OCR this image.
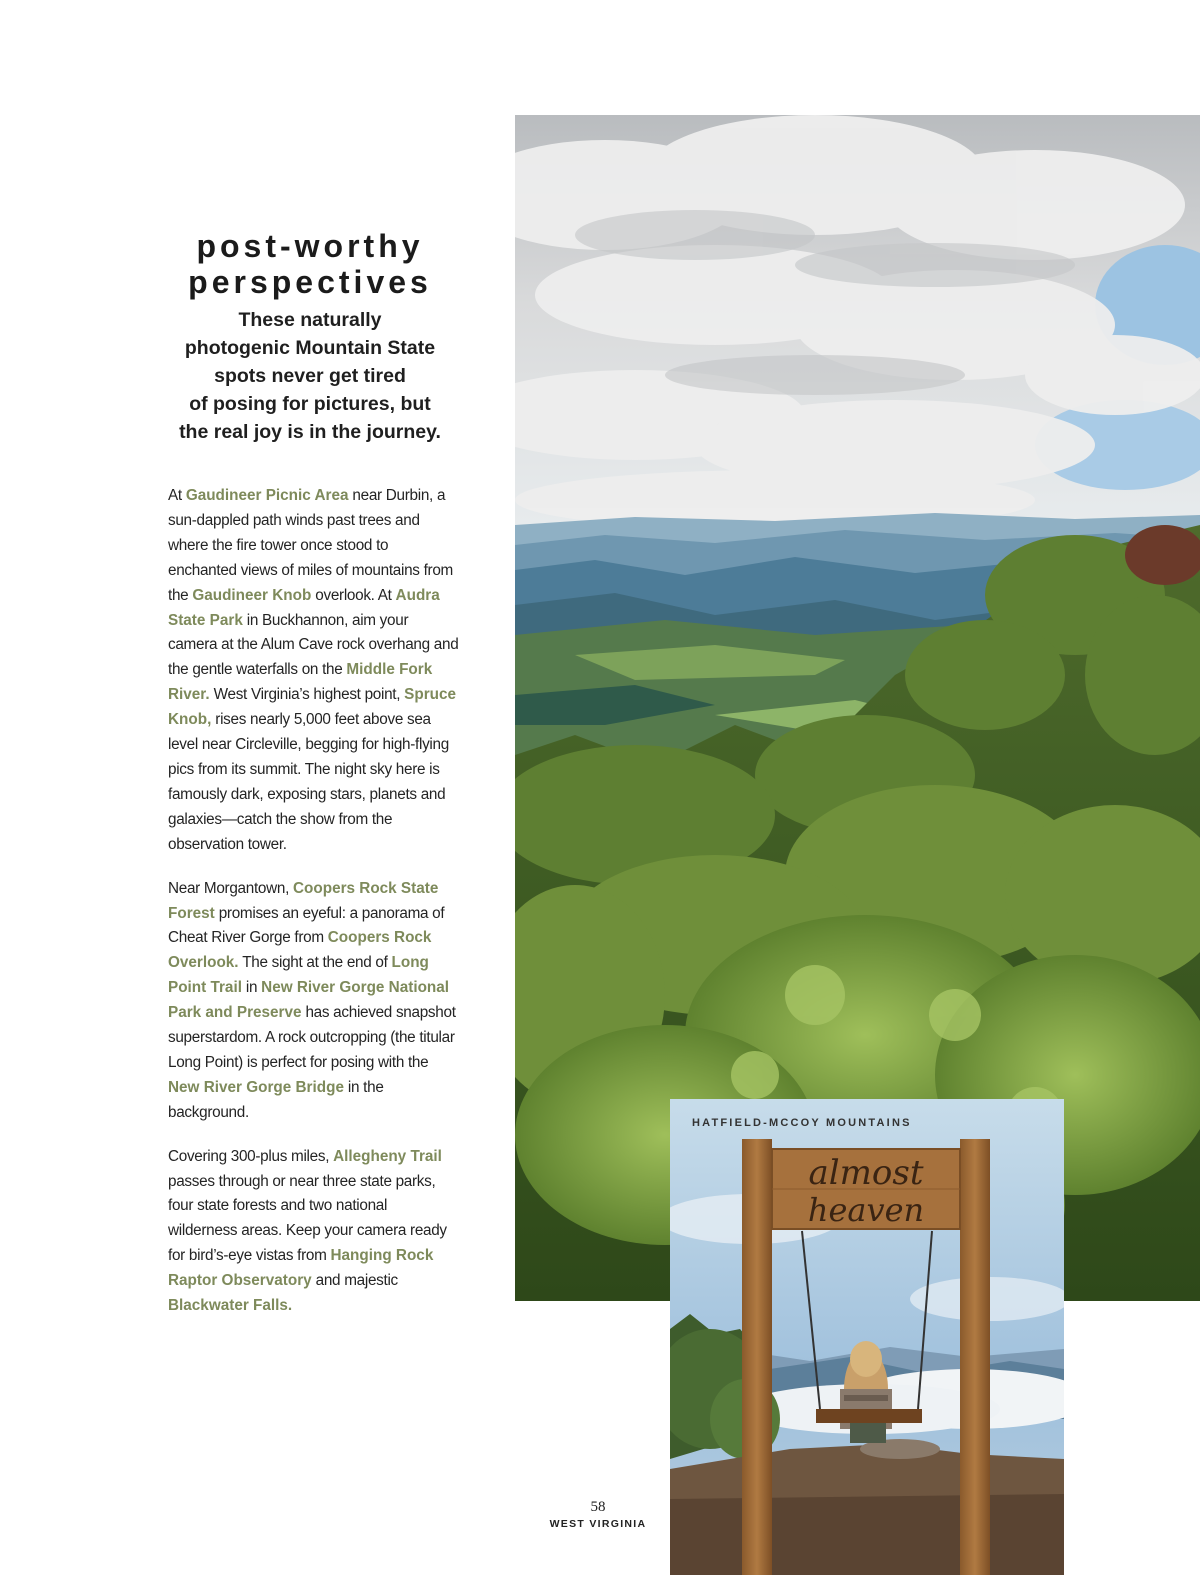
post-worthy
perspectives

These naturally
photogenic Mountain State
spots never get tired
of posing for pictures, but
the real joy is in the journey.

At Gaudineer Picnic Area near Durbin, a sun-dappled path winds past trees and where the fire tower once stood to enchanted views of miles of mountains from the Gaudineer Knob overlook. At Audra State Park in Buckhannon, aim your camera at the Alum Cave rock overhang and the gentle waterfalls on the Middle Fork River. West Virginia’s highest point, Spruce Knob, rises nearly 5,000 feet above sea level near Circleville, begging for high-flying pics from its summit. The night sky here is famously dark, exposing stars, planets and galaxies—catch the show from the observation tower.

Near Morgantown, Coopers Rock State Forest promises an eyeful: a panorama of Cheat River Gorge from Coopers Rock Overlook. The sight at the end of Long Point Trail in New River Gorge National Park and Preserve has achieved snapshot superstardom. A rock outcropping (the titular Long Point) is perfect for posing with the New River Gorge Bridge in the background.

Covering 300-plus miles, Allegheny Trail passes through or near three state parks, four state forests and two national wilderness areas. Keep your camera ready for bird’s-eye vistas from Hanging Rock Raptor Observatory and majestic Blackwater Falls.

almost
heaven
HATFIELD-MCCOY MOUNTAINS
58
WEST VIRGINIA
